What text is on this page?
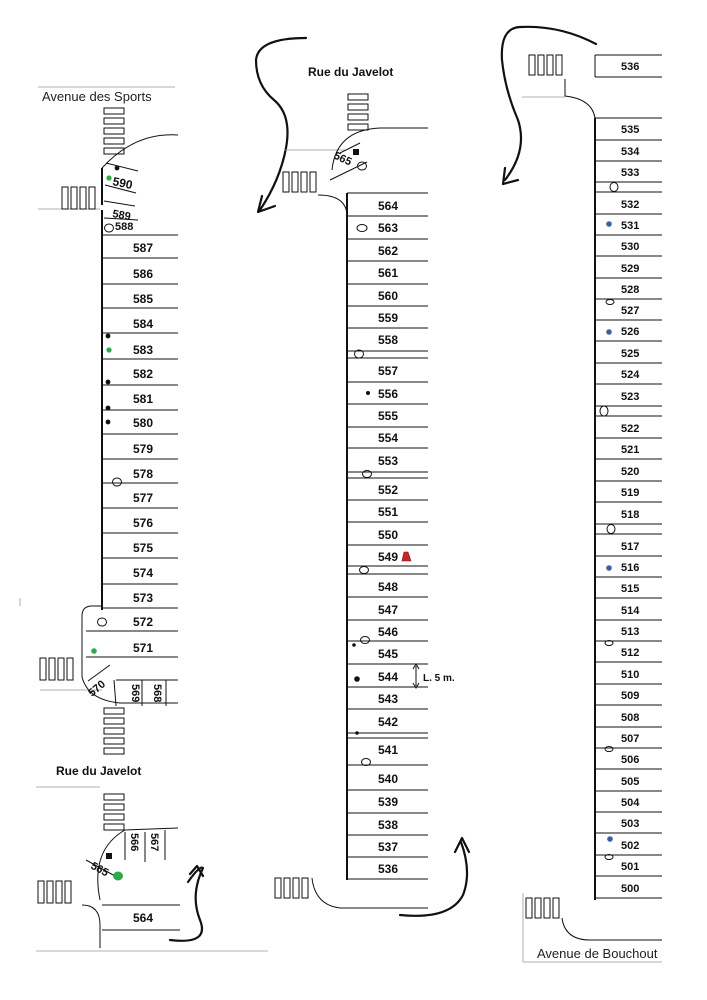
Avenue des Sports
590
589
588
587
586
585
584
583
582
581
580
579
578
577
576
575
574
573
572
571
570 569 568
Rue du Javelot
565
566 567
564
Rue du Javelot
565
564
563
562
561
560
559
558
557
556
555
554
553
552
551
550
549
548
547
546
545
544
543
542
541
540
539
538
537
536
L. 5 m.
536
535
534
533
532
531
530
529
528
527
526
525
524
523
522
521
520
519
518
517
516
515
514
513
512
510
509
508
507
506
505
504
503
502
501
500
Avenue de Bouchout
